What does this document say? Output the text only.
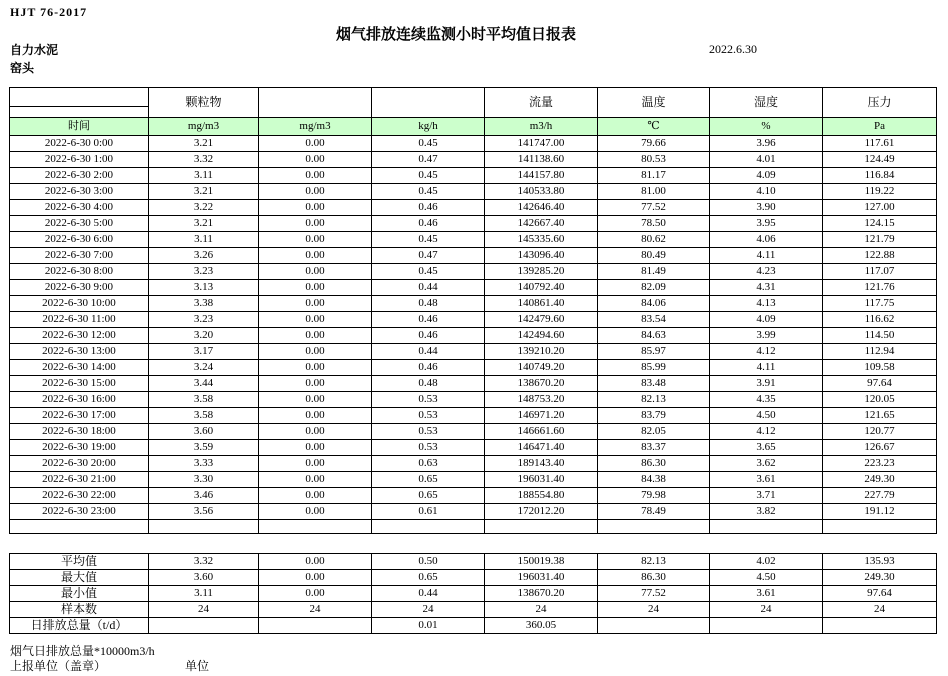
HJT 76-2017
烟气排放连续监测小时平均值日报表
2022.6.30
自力水泥
窑头
	颗粒物			流量	温度	湿度	压力

时间	mg/m3	mg/m3	kg/h	m3/h	℃	%	Pa
2022-6-30 0:00	3.21	0.00	0.45	141747.00	79.66	3.96	117.61
2022-6-30 1:00	3.32	0.00	0.47	141138.60	80.53	4.01	124.49
2022-6-30 2:00	3.11	0.00	0.45	144157.80	81.17	4.09	116.84
2022-6-30 3:00	3.21	0.00	0.45	140533.80	81.00	4.10	119.22
2022-6-30 4:00	3.22	0.00	0.46	142646.40	77.52	3.90	127.00
2022-6-30 5:00	3.21	0.00	0.46	142667.40	78.50	3.95	124.15
2022-6-30 6:00	3.11	0.00	0.45	145335.60	80.62	4.06	121.79
2022-6-30 7:00	3.26	0.00	0.47	143096.40	80.49	4.11	122.88
2022-6-30 8:00	3.23	0.00	0.45	139285.20	81.49	4.23	117.07
2022-6-30 9:00	3.13	0.00	0.44	140792.40	82.09	4.31	121.76
2022-6-30 10:00	3.38	0.00	0.48	140861.40	84.06	4.13	117.75
2022-6-30 11:00	3.23	0.00	0.46	142479.60	83.54	4.09	116.62
2022-6-30 12:00	3.20	0.00	0.46	142494.60	84.63	3.99	114.50
2022-6-30 13:00	3.17	0.00	0.44	139210.20	85.97	4.12	112.94
2022-6-30 14:00	3.24	0.00	0.46	140749.20	85.99	4.11	109.58
2022-6-30 15:00	3.44	0.00	0.48	138670.20	83.48	3.91	97.64
2022-6-30 16:00	3.58	0.00	0.53	148753.20	82.13	4.35	120.05
2022-6-30 17:00	3.58	0.00	0.53	146971.20	83.79	4.50	121.65
2022-6-30 18:00	3.60	0.00	0.53	146661.60	82.05	4.12	120.77
2022-6-30 19:00	3.59	0.00	0.53	146471.40	83.37	3.65	126.67
2022-6-30 20:00	3.33	0.00	0.63	189143.40	86.30	3.62	223.23
2022-6-30 21:00	3.30	0.00	0.65	196031.40	84.38	3.61	249.30
2022-6-30 22:00	3.46	0.00	0.65	188554.80	79.98	3.71	227.79
2022-6-30 23:00	3.56	0.00	0.61	172012.20	78.49	3.82	191.12

平均值	3.32	0.00	0.50	150019.38	82.13	4.02	135.93
最大值	3.60	0.00	0.65	196031.40	86.30	4.50	249.30
最小值	3.11	0.00	0.44	138670.20	77.52	3.61	97.64
样本数	24	24	24	24	24	24	24
日排放总量（t/d）			0.01	360.05			
烟气日排放总量*10000m3/h
上报单位（盖章）	单位
